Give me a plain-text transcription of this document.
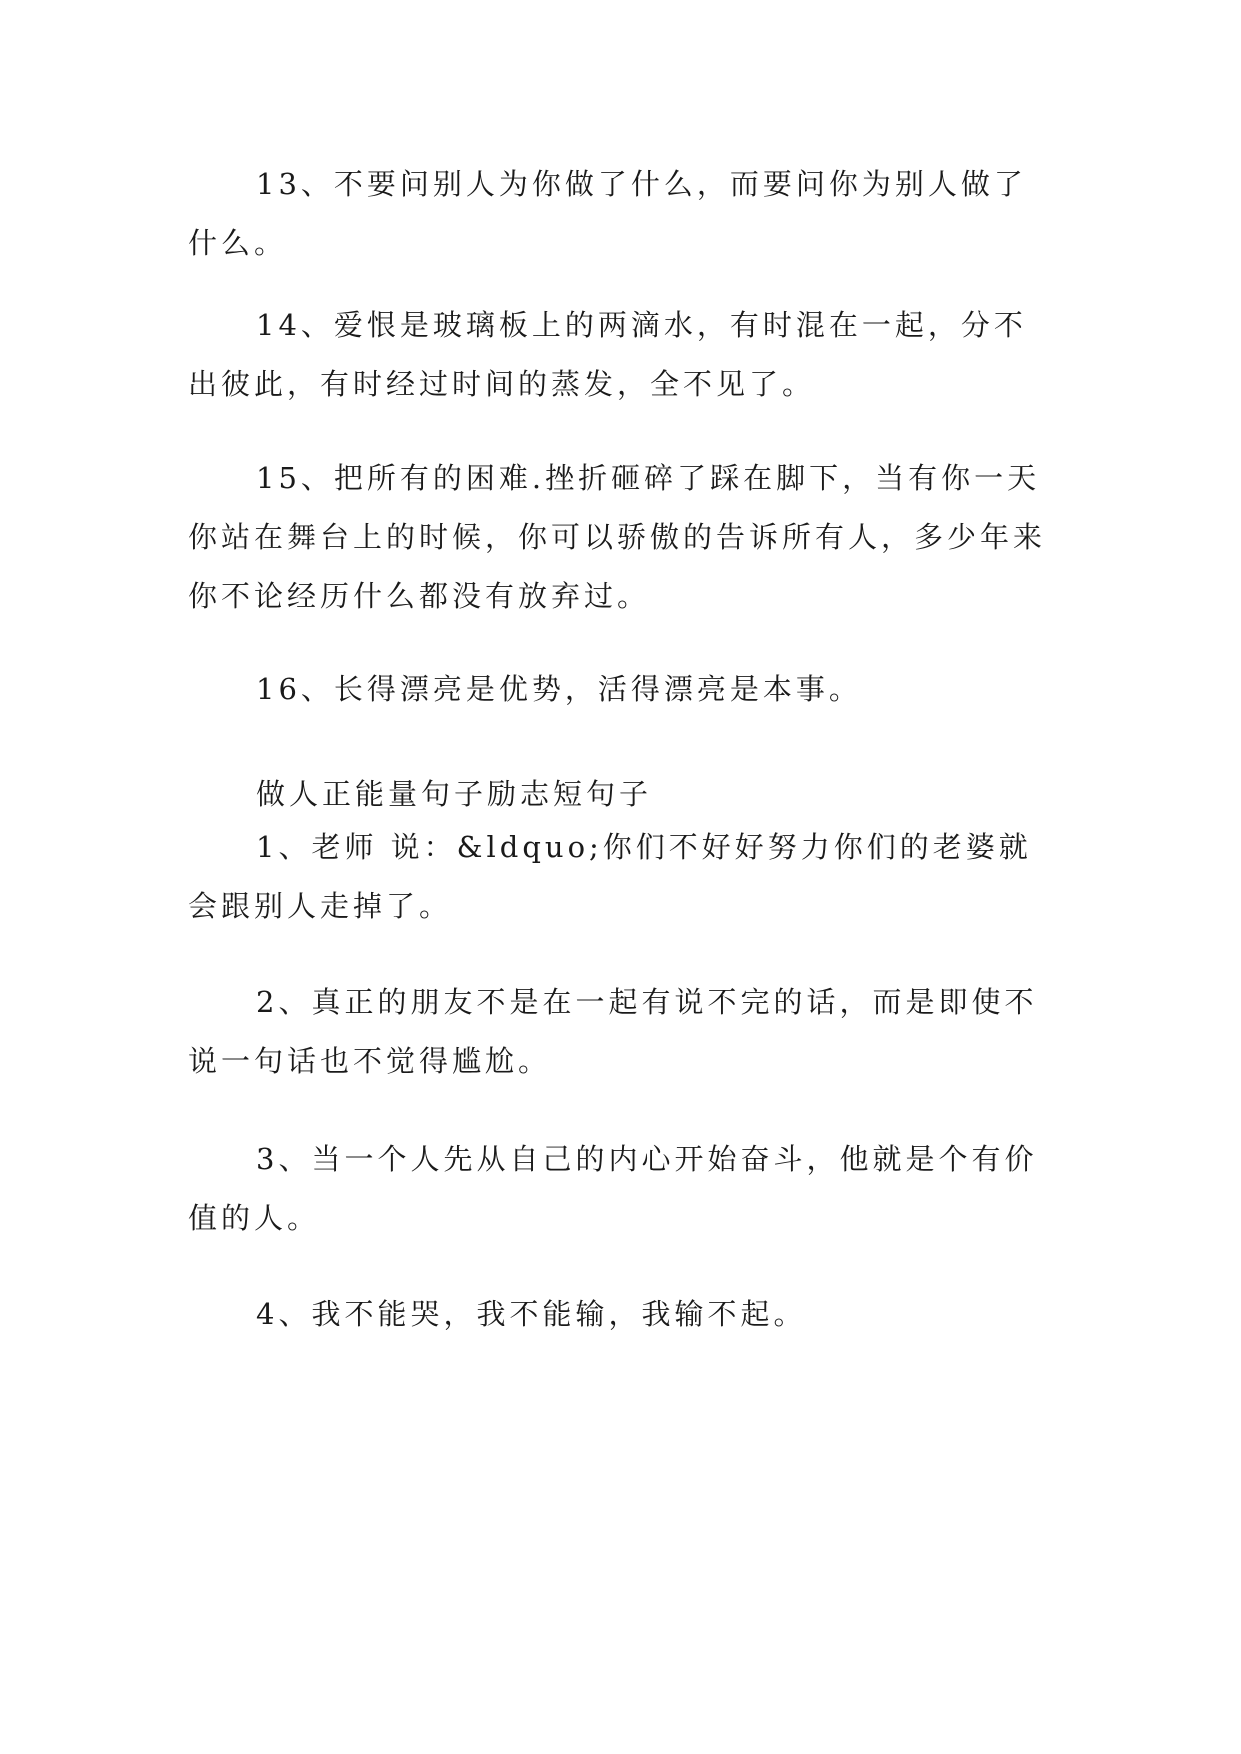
13、不要问别人为你做了什么，而要问你为别人做了什么。

14、爱恨是玻璃板上的两滴水，有时混在一起，分不出彼此，有时经过时间的蒸发，全不见了。

15、把所有的困难.挫折砸碎了踩在脚下，当有你一天你站在舞台上的时候，你可以骄傲的告诉所有人，多少年来你不论经历什么都没有放弃过。

16、长得漂亮是优势，活得漂亮是本事。

做人正能量句子励志短句子

1、老师 说：&ldquo;你们不好好努力你们的老婆就会跟别人走掉了。

2、真正的朋友不是在一起有说不完的话，而是即使不说一句话也不觉得尴尬。

3、当一个人先从自己的内心开始奋斗，他就是个有价值的人。

4、我不能哭，我不能输，我输不起。
